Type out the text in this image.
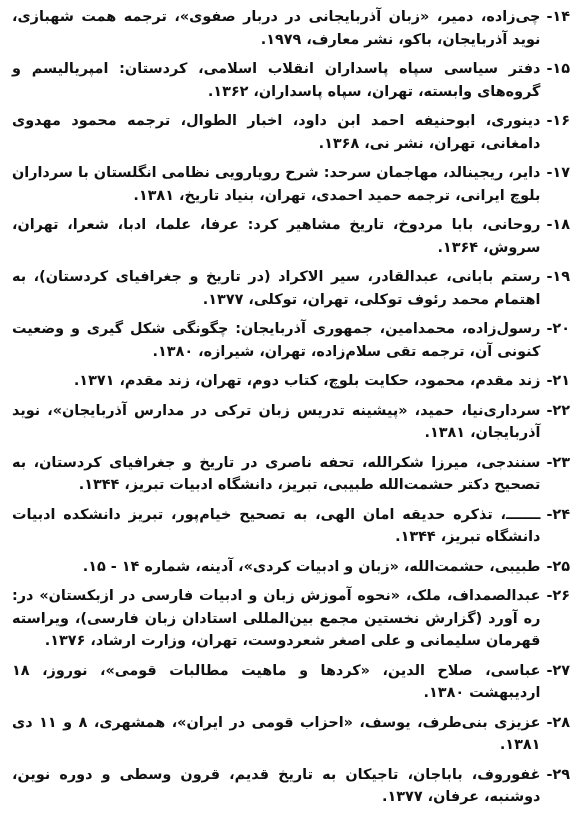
۱۴-
چی‌زاده، دمیر، «زبان آذربایجانی در دربار صفوی»، ترجمه همت شهبازی، نوید آذربایجان، باکو، نشر معارف، ۱۹۷۹.
۱۵-
دفتر سیاسی سپاه پاسداران انقلاب اسلامی، کردستان: امپریالیسم و گروه‌های وابسته، تهران، سپاه پاسداران، ۱۳۶۲.
۱۶-
دینوری، ابوحنیفه احمد ابن داود، اخبار الطوال، ترجمه محمود مهدوی دامغانی، تهران، نشر نی، ۱۳۶۸.
۱۷-
دایر، ریجینالد، مهاجمان سرحد: شرح رویارویی نظامی انگلستان با سرداران بلوچ ایرانی، ترجمه حمید احمدی، تهران، بنیاد تاریخ، ۱۳۸۱.
۱۸-
روحانی، بابا مردوخ، تاریخ مشاهیر کرد: عرفا، علما، ادبا، شعرا، تهران، سروش، ۱۳۶۴.
۱۹-
رستم بابانی، عبدالقادر، سیر الاکراد (در تاریخ و جغرافیای کردستان)، به اهتمام محمد رئوف توکلی، تهران، توکلی، ۱۳۷۷.
۲۰-
رسول‌زاده، محمدامین، جمهوری آذربایجان: چگونگی شکل گیری و وضعیت کنونی آن، ترجمه تقی سلام‌زاده، تهران، شیرازه، ۱۳۸۰.
۲۱-
زند مقدم، محمود، حکایت بلوچ، کتاب دوم، تهران، زند مقدم، ۱۳۷۱.
۲۲-
سرداری‌نیا، حمید، «پیشینه تدریس زبان ترکی در مدارس آذربایجان»، نوید آذربایجان، ۱۳۸۱.
۲۳-
سنندجی، میرزا شکرالله، تحفه ناصری در تاریخ و جغرافیای کردستان، به تصحیح دکتر حشمت‌الله طبیبی، تبریز، دانشگاه ادبیات تبریز، ۱۳۴۴.
۲۴-
ـــــــ، تذکره حدیقه امان الهی، به تصحیح خیام‌پور، تبریز دانشکده ادبیات دانشگاه تبریز، ۱۳۴۴.
۲۵-
طبیبی، حشمت‌الله، «زبان و ادبیات کردی»، آدینه، شماره ۱۴ - ۱۵.
۲۶-
عبدالصمداف، ملک، «نحوه آموزش زبان و ادبیات فارسی در ازبکستان» در: ره آورد (گزارش نخستین مجمع بین‌المللی استادان زبان فارسی)، ویراسته قهرمان سلیمانی و علی اصغر شعردوست، تهران، وزارت ارشاد، ۱۳۷۶.
۲۷-
عباسی، صلاح الدین، «کردها و ماهیت مطالبات قومی»، نوروز، ۱۸ اردیبهشت ۱۳۸۰.
۲۸-
عزیزی بنی‌طرف، یوسف، «احزاب قومی در ایران»، همشهری، ۸ و ۱۱ دی ۱۳۸۱.
۲۹-
غفوروف، باباجان، تاجیکان به تاریخ قدیم، قرون وسطی و دوره نوین، دوشنبه، عرفان، ۱۳۷۷.
